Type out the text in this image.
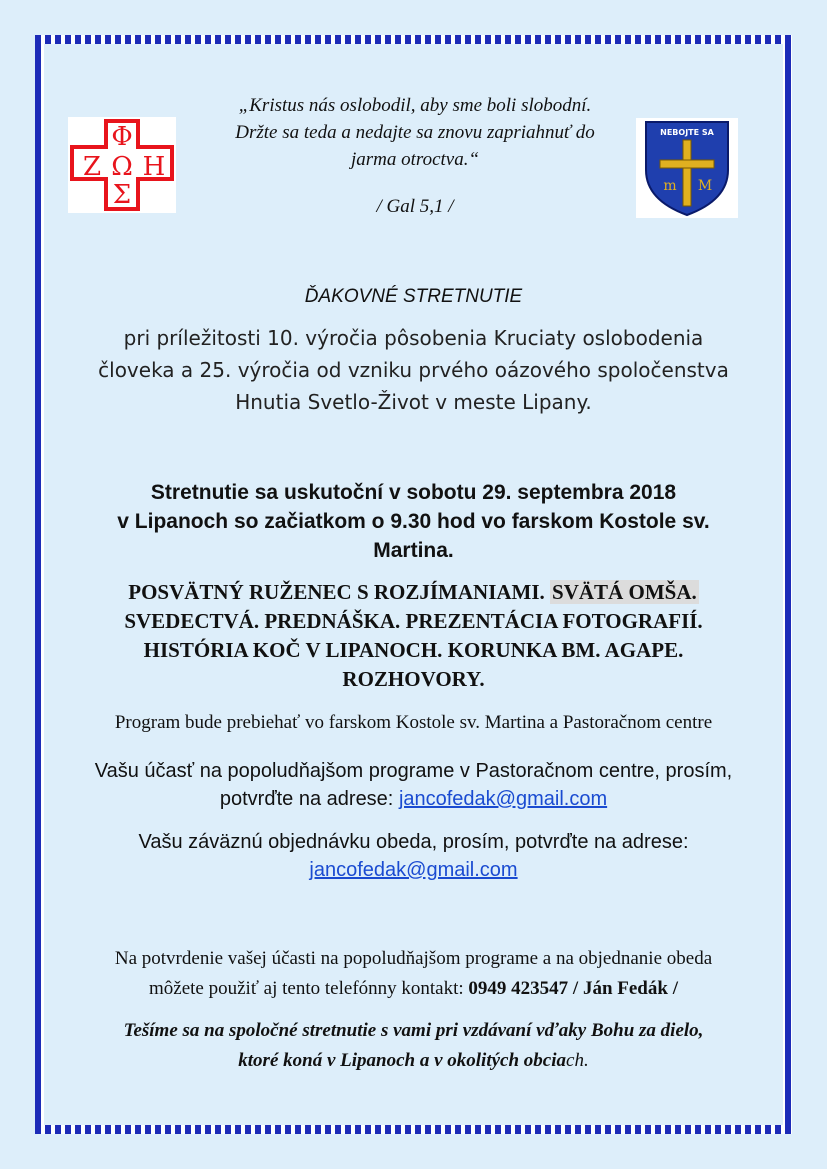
Φ
Ζ Ω Η
Σ
NEBOJTE SA
m M
„Kristus nás oslobodil, aby sme boli slobodní.
Držte sa teda a nedajte sa znovu zapriahnuť do
jarma otroctva.“
/ Gal 5,1 /
ĎAKOVNÉ STRETNUTIE
pri príležitosti 10. výročia pôsobenia Kruciaty oslobodenia
človeka a 25. výročia od vzniku prvého oázového spoločenstva
Hnutia Svetlo-Život v meste Lipany.
Stretnutie sa uskutoční v sobotu 29. septembra 2018
v Lipanoch so začiatkom o 9.30 hod vo farskom Kostole sv.
Martina.
POSVÄTNÝ RUŽENEC S ROZJÍMANIAMI. SVÄTÁ OMŠA.
SVEDECTVÁ. PREDNÁŠKA. PREZENTÁCIA FOTOGRAFIÍ.
HISTÓRIA KOČ V LIPANOCH. KORUNKA BM. AGAPE.
ROZHOVORY.
Program bude prebiehať vo farskom Kostole sv. Martina a Pastoračnom centre
Vašu účasť na popoludňajšom programe v Pastoračnom centre, prosím,
potvrďte na adrese: jancofedak@gmail.com
Vašu záväznú objednávku obeda, prosím, potvrďte na adrese:
jancofedak@gmail.com
Na potvrdenie vašej účasti na popoludňajšom programe a na objednanie obeda
môžete použiť aj tento telefónny kontakt: 0949 423547 / Ján Fedák /
Tešíme sa na spoločné stretnutie s vami pri vzdávaní vďaky Bohu za dielo,
ktoré koná v Lipanoch a v okolitých obciach.
